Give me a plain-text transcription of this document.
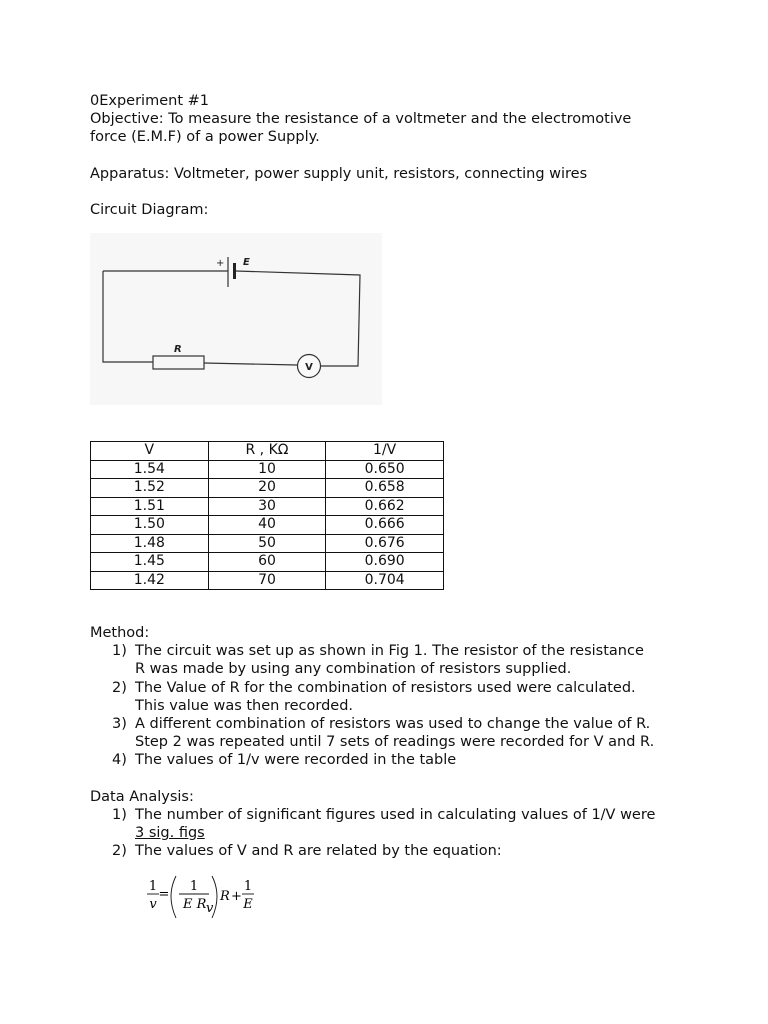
0Experiment #1
Objective: To measure the resistance of a voltmeter and the electromotive
force (E.M.F) of a power Supply.
Apparatus: Voltmeter, power supply unit, resistors, connecting wires
Circuit Diagram:
+ E
R
V
V	R , KΩ	1/V
1.54	10	0.650
1.52	20	0.658
1.51	30	0.662
1.50	40	0.666
1.48	50	0.676
1.45	60	0.690
1.42	70	0.704
Method:
1) The circuit was set up as shown in Fig 1. The resistor of the resistance
R was made by using any combination of resistors supplied.
2) The Value of R for the combination of resistors used were calculated.
This value was then recorded.
3) A different combination of resistors was used to change the value of R.
Step 2 was repeated until 7 sets of readings were recorded for V and R.
4) The values of 1/v were recorded in the table
Data Analysis:
1) The number of significant figures used in calculating values of 1/V were
3 sig. figs
2) The values of V and R are related by the equation:
1
v
=
1
E R v
R +
1
E
